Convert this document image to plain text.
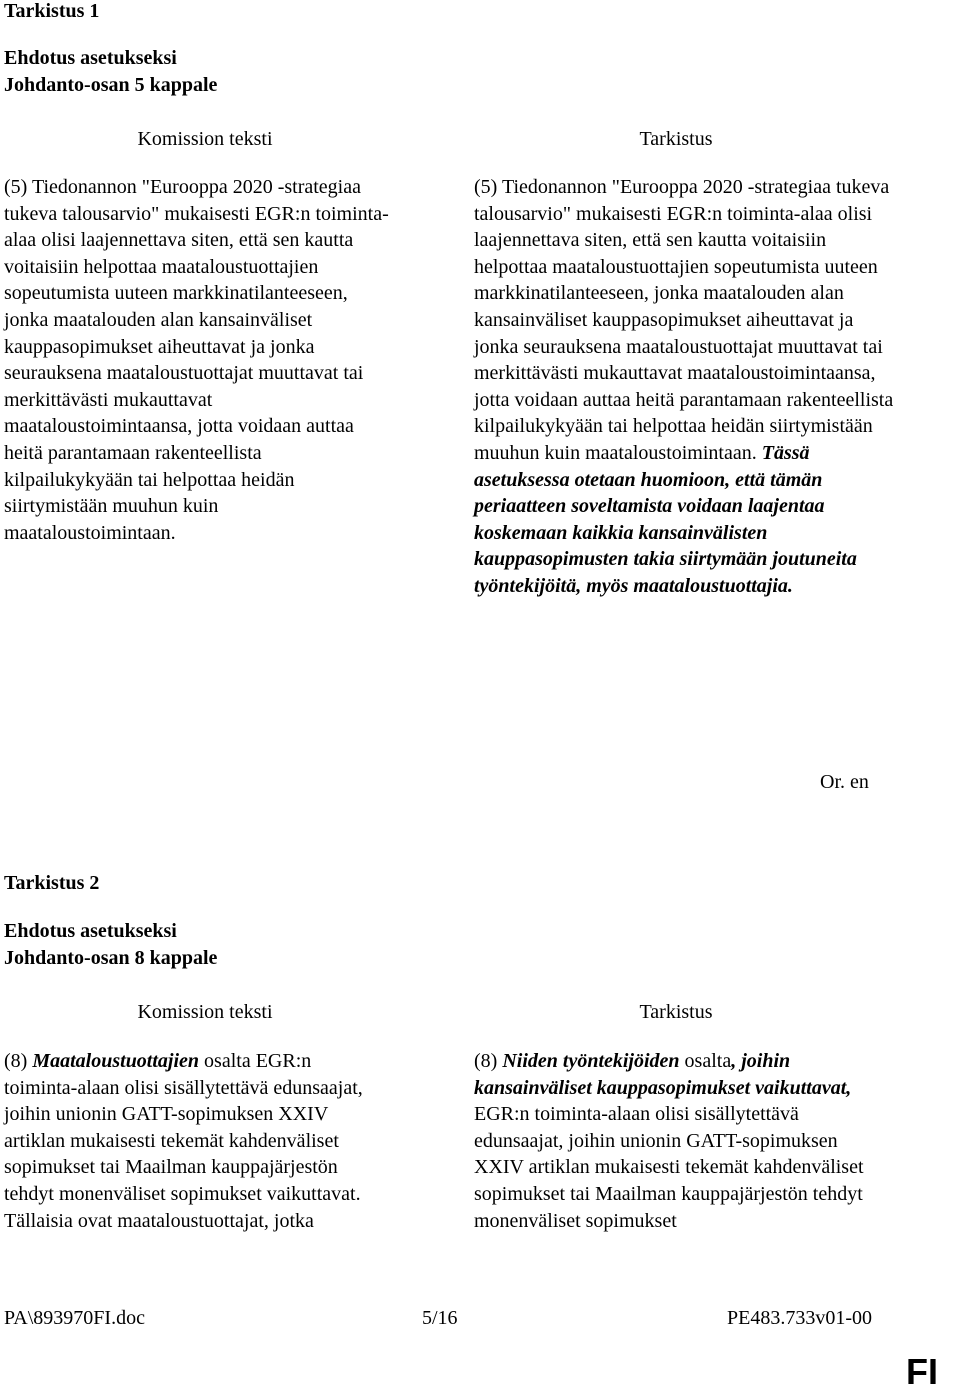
Tarkistus 1
Ehdotus asetukseksi
Johdanto-osan 5 kappale
Komission teksti	Tarkistus

(5) Tiedonannon "Eurooppa 2020 -strategiaa tukeva talousarvio" mukaisesti EGR:n toiminta-alaa olisi laajennettava siten, että sen kautta voitaisiin helpottaa maataloustuottajien sopeutumista uuteen markkinatilanteeseen, jonka maatalouden alan kansainväliset kauppasopimukset aiheuttavat ja jonka seurauksena maataloustuottajat muuttavat tai merkittävästi mukauttavat maataloustoimintaansa, jotta voidaan auttaa heitä parantamaan rakenteellista kilpailukykyään tai helpottaa heidän siirtymistään muuhun kuin maataloustoimintaan.

(5) Tiedonannon "Eurooppa 2020 -strategiaa tukeva talousarvio" mukaisesti EGR:n toiminta-alaa olisi laajennettava siten, että sen kautta voitaisiin helpottaa maataloustuottajien sopeutumista uuteen markkinatilanteeseen, jonka maatalouden alan kansainväliset kauppasopimukset aiheuttavat ja jonka seurauksena maataloustuottajat muuttavat tai merkittävästi mukauttavat maataloustoimintaansa, jotta voidaan auttaa heitä parantamaan rakenteellista kilpailukykyään tai helpottaa heidän siirtymistään muuhun kuin maataloustoimintaan. Tässä asetuksessa otetaan huomioon, että tämän periaatteen soveltamista voidaan laajentaa koskemaan kaikkia kansainvälisten kauppasopimusten takia siirtymään joutuneita työntekijöitä, myös maataloustuottajia.

Or. en
Tarkistus 2
Ehdotus asetukseksi
Johdanto-osan 8 kappale
Komission teksti	Tarkistus

(8) Maataloustuottajien osalta EGR:n toiminta-alaan olisi sisällytettävä edunsaajat, joihin unionin GATT-sopimuksen XXIV artiklan mukaisesti tekemät kahdenväliset sopimukset tai Maailman kauppajärjestön tehdyt monenväliset sopimukset vaikuttavat. Tällaisia ovat maataloustuottajat, jotka

(8) Niiden työntekijöiden osalta, joihin kansainväliset kauppasopimukset vaikuttavat, EGR:n toiminta-alaan olisi sisällytettävä edunsaajat, joihin unionin GATT-sopimuksen XXIV artiklan mukaisesti tekemät kahdenväliset sopimukset tai Maailman kauppajärjestön tehdyt monenväliset sopimukset

PA\893970FI.doc	5/16	PE483.733v01-00
FI
